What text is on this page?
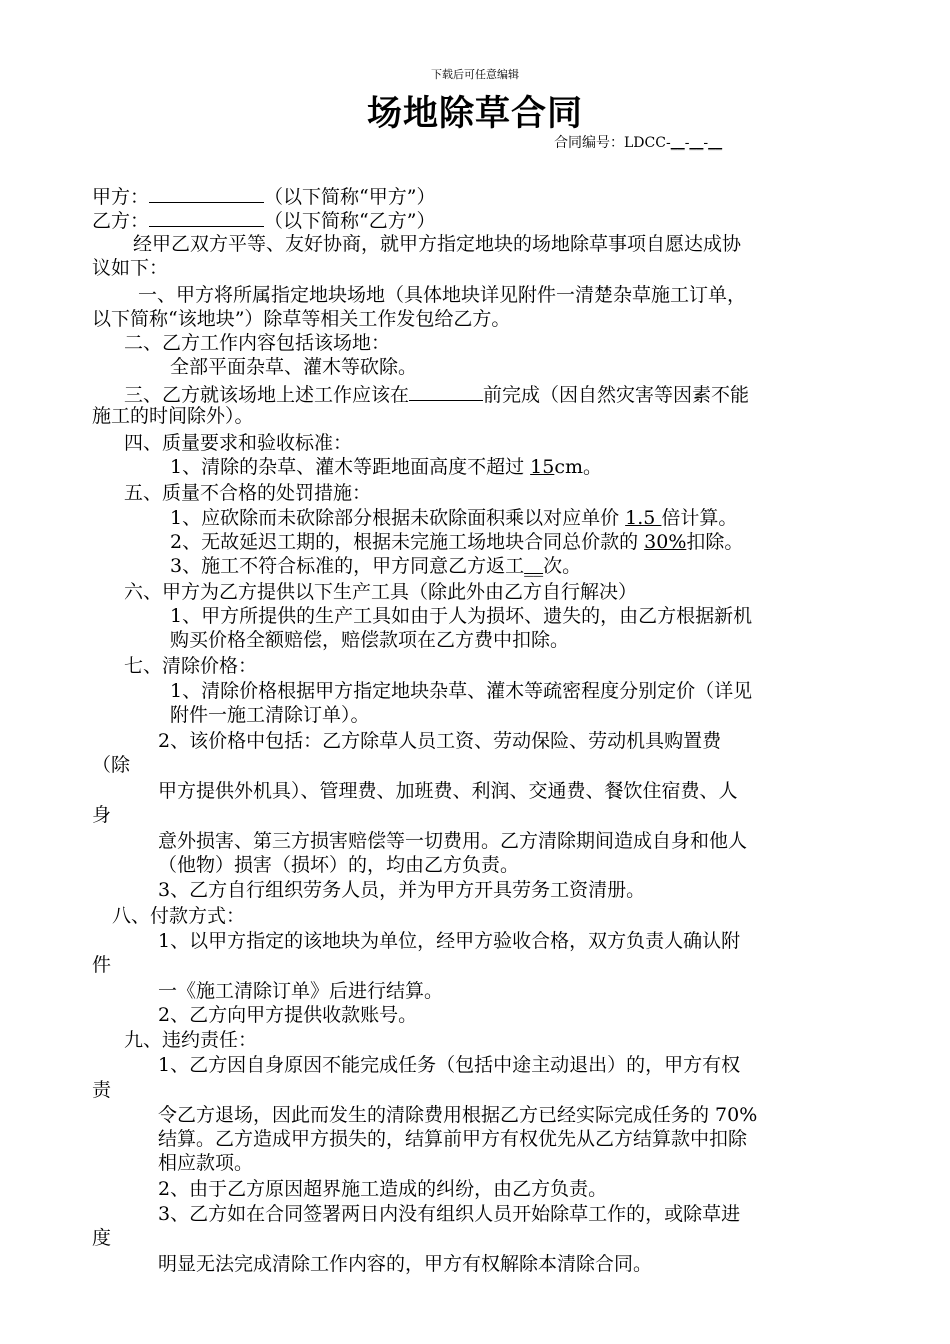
下载后可任意编辑
场地除草合同
合同编号：LDCC-__-__-__
甲方：	（以下简称“甲方”）
乙方：	（以下简称“乙方”）
经甲乙双方平等、友好协商，就甲方指定地块的场地除草事项自愿达成协
议如下：
一、甲方将所属指定地块场地（具体地块详见附件一清楚杂草施工订单，
以下简称“该地块”）除草等相关工作发包给乙方。
二、乙方工作内容包括该场地：
全部平面杂草、灌木等砍除。
三、乙方就该场地上述工作应该在	前完成（因自然灾害等因素不能
施工的时间除外）。
四、质量要求和验收标准：
1、清除的杂草、灌木等距地面高度不超过 15cm。
五、质量不合格的处罚措施：
1、应砍除而未砍除部分根据未砍除面积乘以对应单价 1.5 倍计算。
2、无故延迟工期的，根据未完施工场地块合同总价款的 30%扣除。
3、施工不符合标准的，甲方同意乙方返工__次。
六、甲方为乙方提供以下生产工具（除此外由乙方自行解决）
1、甲方所提供的生产工具如由于人为损坏、遗失的，由乙方根据新机
购买价格全额赔偿，赔偿款项在乙方费中扣除。
七、清除价格：
1、清除价格根据甲方指定地块杂草、灌木等疏密程度分别定价（详见
附件一施工清除订单）。
2、该价格中包括：乙方除草人员工资、劳动保险、劳动机具购置费
（除
甲方提供外机具）、管理费、加班费、利润、交通费、餐饮住宿费、人
身
意外损害、第三方损害赔偿等一切费用。乙方清除期间造成自身和他人
（他物）损害（损坏）的，均由乙方负责。
3、乙方自行组织劳务人员，并为甲方开具劳务工资清册。
八、付款方式：
1、以甲方指定的该地块为单位，经甲方验收合格，双方负责人确认附
件
一《施工清除订单》后进行结算。
2、乙方向甲方提供收款账号。
九、违约责任：
1、乙方因自身原因不能完成任务（包括中途主动退出）的，甲方有权
责
令乙方退场，因此而发生的清除费用根据乙方已经实际完成任务的 70%
结算。乙方造成甲方损失的，结算前甲方有权优先从乙方结算款中扣除
相应款项。
2、由于乙方原因超界施工造成的纠纷，由乙方负责。
3、乙方如在合同签署两日内没有组织人员开始除草工作的，或除草进
度
明显无法完成清除工作内容的，甲方有权解除本清除合同。
